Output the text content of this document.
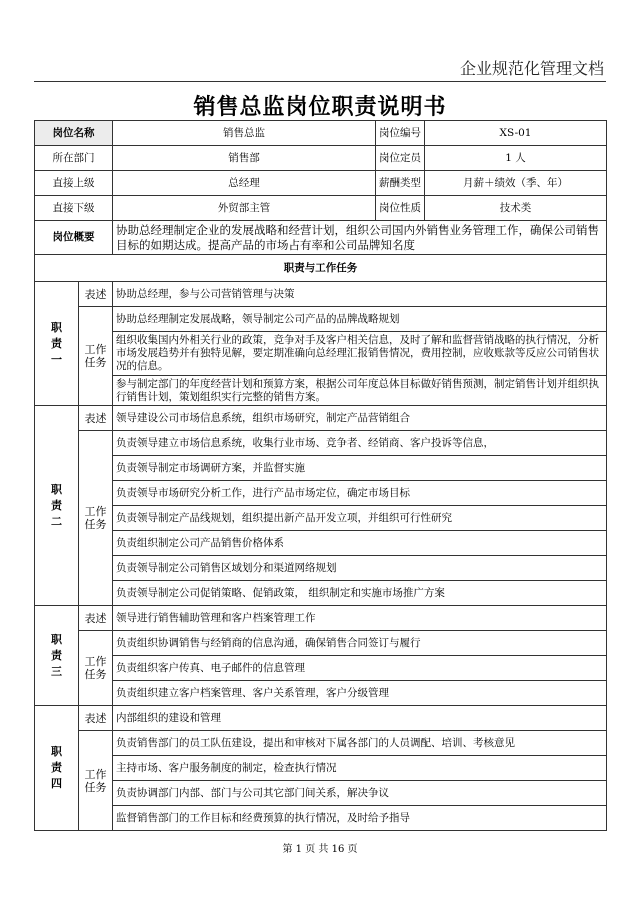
企业规范化管理文档
销售总监岗位职责说明书
岗位名称		销售总监	岗位编号	XS-01
所在部门		销售部	岗位定员	1 人
直接上级		总经理	薪酬类型	月薪＋绩效（季、年）
直接下级		外贸部主管	岗位性质	技术类
岗位概要		协助总经理制定企业的发展战略和经营计划，组织公司国内外销售业务管理工作，确保公司销售目标的如期达成。提高产品的市场占有率和公司品牌知名度		
职责与工作任务				
职
责
一	表述	协助总经理，参与公司营销管理与决策		
	工作
任务	协助总经理制定发展战略，领导制定公司产品的品牌战略规划		
		组织收集国内外相关行业的政策，竞争对手及客户相关信息，及时了解和监督营销战略的执行情况，分析市场发展趋势并有独特见解，要定期准确向总经理汇报销售情况，费用控制，应收账款等反应公司销售状况的信息。		
		参与制定部门的年度经营计划和预算方案，根据公司年度总体目标做好销售预测，制定销售计划并组织执行销售计划，策划组织实行完整的销售方案。		
职
责
二	表述	领导建设公司市场信息系统，组织市场研究，制定产品营销组合		
	工作
任务	负责领导建立市场信息系统，收集行业市场、竞争者、经销商、客户投诉等信息，		
		负责领导制定市场调研方案，并监督实施		
		负责领导市场研究分析工作，进行产品市场定位，确定市场目标		
		负责领导制定产品线规划，组织提出新产品开发立项，并组织可行性研究		
		负责组织制定公司产品销售价格体系		
		负责领导制定公司销售区域划分和渠道网络规划		
		负责领导制定公司促销策略、促销政策， 组织制定和实施市场推广方案		
职
责
三	表述	领导进行销售辅助管理和客户档案管理工作		
	工作
任务	负责组织协调销售与经销商的信息沟通，确保销售合同签订与履行		
		负责组织客户传真、电子邮件的信息管理		
		负责组织建立客户档案管理、客户关系管理，客户分级管理		
职
责
四	表述	内部组织的建设和管理		
	工作
任务	负责销售部门的员工队伍建设，提出和审核对下属各部门的人员调配、培训、考核意见		
		主持市场、客户服务制度的制定，检查执行情况		
		负责协调部门内部、部门与公司其它部门间关系，解决争议		
		监督销售部门的工作目标和经费预算的执行情况，及时给予指导		
第 1 页 共 16 页
